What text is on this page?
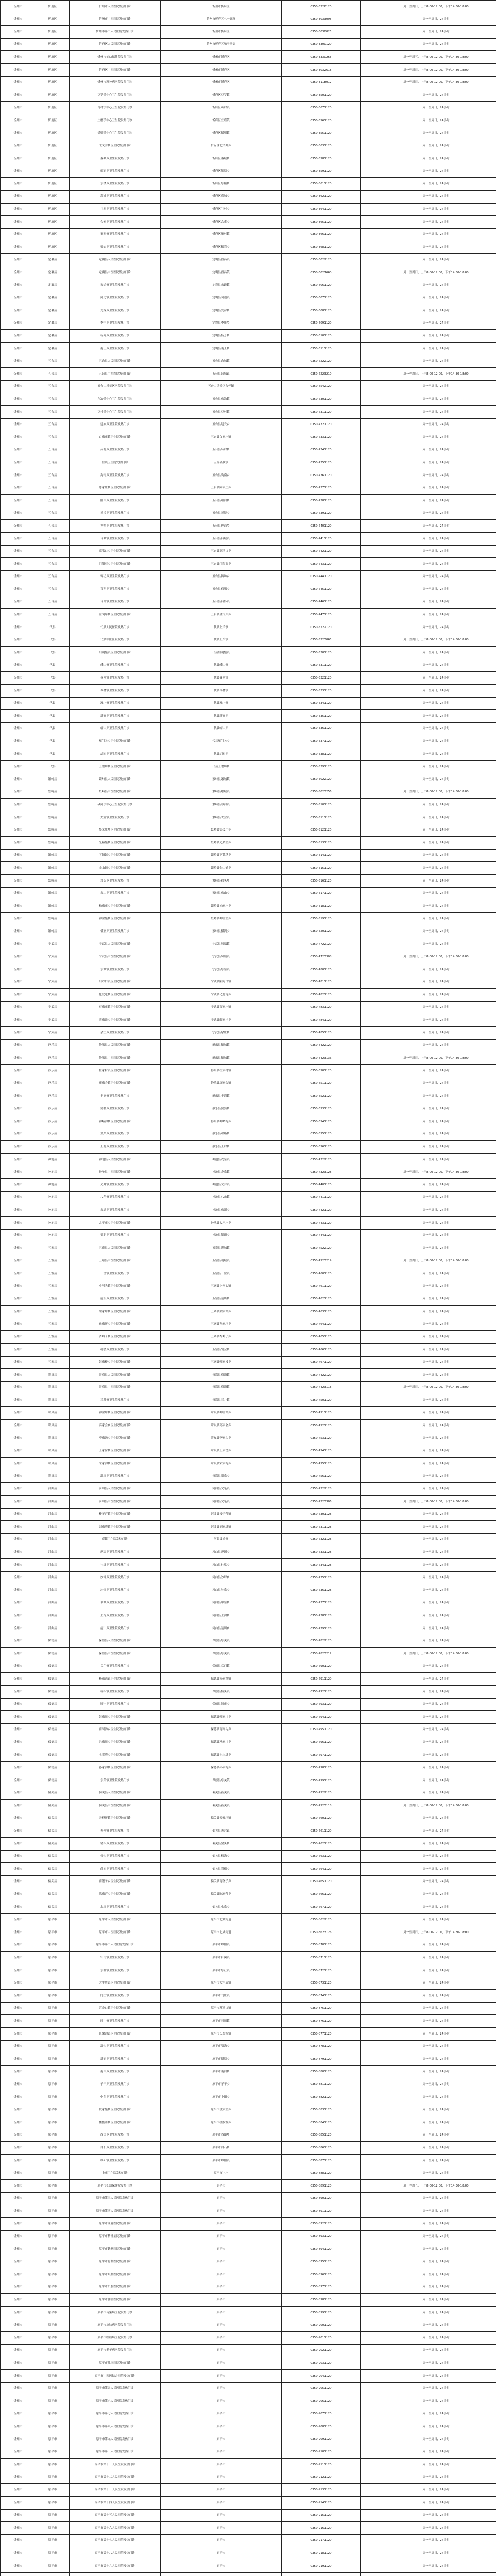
忻州市	忻府区	忻州市人民医院发热门诊	忻州市忻府区	0350-3226120	周一至周日，上午8:00-12:00，下午14:30-18:00
忻州市	忻府区	忻州市中医医院发热门诊	忻州市忻府区七一北路	0350-3033095	周一至周日，24小时
忻州市	忻府区	忻州市第二人民医院发热门诊	忻州市忻府区	0350-3038025	周一至周日，24小时
忻州市	忻府区	忻府区人民医院发热门诊	忻州市忻府区和平西街	0350-3300120	周一至周日，24小时
忻州市	忻府区	忻州市妇幼保健院发热门诊	忻州市忻府区	0350-3330265	周一至周五，上午8:00-12:00，下午14:30-18:00
忻州市	忻府区	忻府区中医医院发热门诊	忻州市忻府区	0350-3032618	周一至周日，上午8:00-12:00，下午14:30-18:00
忻州市	忻府区	忻州市精神病医院发热门诊	忻州市忻府区	0350-3118012	周一至周日，上午8:00-12:00，下午14:30-18:00
忻州市	忻府区	豆罗镇中心卫生院发热门诊	忻府区豆罗镇	0350-3501120	周一至周日，24小时
忻州市	忻府区	奇村镇中心卫生院发热门诊	忻府区奇村镇	0350-3671120	周一至周日，24小时
忻州市	忻府区	庄磨镇中心卫生院发热门诊	忻府区庄磨镇	0350-3561120	周一至周日，24小时
忻州市	忻府区	播明镇中心卫生院发热门诊	忻府区播明镇	0350-3551120	周一至周日，24小时
忻州市	忻府区	北义井乡卫生院发热门诊	忻府区北义井乡	0350-3631120	周一至周日，24小时
忻州市	忻府区	秦城乡卫生院发热门诊	忻府区秦城乡	0350-3581120	周一至周日，24小时
忻州市	忻府区	解原乡卫生院发热门诊	忻府区解原乡	0350-3591120	周一至周日，24小时
忻州市	忻府区	东楼乡卫生院发热门诊	忻府区东楼乡	0350-3611120	周一至周日，24小时
忻州市	忻府区	高城乡卫生院发热门诊	忻府区高城乡	0350-3621120	周一至周日，24小时
忻州市	忻府区	兰村乡卫生院发热门诊	忻府区兰村乡	0350-3641120	周一至周日，24小时
忻州市	忻府区	合索乡卫生院发热门诊	忻府区合索乡	0350-3651120	周一至周日，24小时
忻州市	忻府区	董村镇卫生院发热门诊	忻府区董村镇	0350-3661120	周一至周日，24小时
忻州市	忻府区	紫岩乡卫生院发热门诊	忻府区紫岩乡	0350-3681120	周一至周日，24小时
忻州市	定襄县	定襄县人民医院发热门诊	定襄县晋昌镇	0350-6022120	周一至周日，24小时
忻州市	定襄县	定襄县中医医院发热门诊	定襄县晋昌镇	0350-6027660	周一至周日，上午8:00-12:00，下午14:30-18:00
忻州市	定襄县	宏道镇卫生院发热门诊	定襄县宏道镇	0350-6061120	周一至周日，24小时
忻州市	定襄县	河边镇卫生院发热门诊	定襄县河边镇	0350-6071120	周一至周日，24小时
忻州市	定襄县	受禄乡卫生院发热门诊	定襄县受禄乡	0350-6081120	周一至周日，24小时
忻州市	定襄县	季庄乡卫生院发热门诊	定襄县季庄乡	0350-6091120	周一至周日，24小时
忻州市	定襄县	杨芳乡卫生院发热门诊	定襄县杨芳乡	0350-6101120	周一至周日，24小时
忻州市	定襄县	南王乡卫生院发热门诊	定襄县南王乡	0350-6111120	周一至周日，24小时
忻州市	五台县	五台县人民医院发热门诊	五台县台城镇	0350-7222120	周一至周日，24小时
忻州市	五台县	五台县中医医院发热门诊	五台县台城镇	0350-7223210	周一至周日，上午8:00-12:00，下午14:30-18:00
忻州市	五台县	五台山风景区医院发热门诊	五台山风景区台怀镇	0350-6542120	周一至周日，24小时
忻州市	五台县	东冶镇中心卫生院发热门诊	五台县东冶镇	0350-7301120	周一至周日，24小时
忻州市	五台县	豆村镇中心卫生院发热门诊	五台县豆村镇	0350-7311120	周一至周日，24小时
忻州市	五台县	建安乡卫生院发热门诊	五台县建安乡	0350-7321120	周一至周日，24小时
忻州市	五台县	白家庄镇卫生院发热门诊	五台县白家庄镇	0350-7331120	周一至周日，24小时
忻州市	五台县	茹村乡卫生院发热门诊	五台县茹村乡	0350-7341120	周一至周日，24小时
忻州市	五台县	耿镇卫生院发热门诊	五台县耿镇	0350-7351120	周一至周日，24小时
忻州市	五台县	沟南乡卫生院发热门诊	五台县沟南乡	0350-7361120	周一至周日，24小时
忻州市	五台县	陈家庄乡卫生院发热门诊	五台县陈家庄乡	0350-7371120	周一至周日，24小时
忻州市	五台县	阳白乡卫生院发热门诊	五台县阳白乡	0350-7381120	周一至周日，24小时
忻州市	五台县	灵境乡卫生院发热门诊	五台县灵境乡	0350-7391120	周一至周日，24小时
忻州市	五台县	神西乡卫生院发热门诊	五台县神西乡	0350-7401120	周一至周日，24小时
忻州市	五台县	台城镇卫生院发热门诊	五台县台城镇	0350-7411120	周一至周日，24小时
忻州市	五台县	高洪口乡卫生院发热门诊	五台县高洪口乡	0350-7421120	周一至周日，24小时
忻州市	五台县	门限石乡卫生院发热门诊	五台县门限石乡	0350-7431120	周一至周日，24小时
忻州市	五台县	蒋坊乡卫生院发热门诊	五台县蒋坊乡	0350-7441120	周一至周日，24小时
忻州市	五台县	石咀乡卫生院发热门诊	五台县石咀乡	0350-7451120	周一至周日，24小时
忻州市	五台县	台怀镇卫生院发热门诊	五台县台怀镇	0350-7461120	周一至周日，24小时
忻州市	五台县	金岗库乡卫生院发热门诊	五台县金岗库乡	0350-7471120	周一至周日，24小时
忻州市	代县	代县人民医院发热门诊	代县上馆镇	0350-5222120	周一至周日，24小时
忻州市	代县	代县中医医院发热门诊	代县上馆镇	0350-5223065	周一至周日，上午8:00-12:00，下午14:30-18:00
忻州市	代县	阳明堡镇卫生院发热门诊	代县阳明堡镇	0350-5301120	周一至周日，24小时
忻州市	代县	峨口镇卫生院发热门诊	代县峨口镇	0350-5311120	周一至周日，24小时
忻州市	代县	聂营镇卫生院发热门诊	代县聂营镇	0350-5321120	周一至周日，24小时
忻州市	代县	枣林镇卫生院发热门诊	代县枣林镇	0350-5331120	周一至周日，24小时
忻州市	代县	滩上镇卫生院发热门诊	代县滩上镇	0350-5341120	周一至周日，24小时
忻州市	代县	新高乡卫生院发热门诊	代县新高乡	0350-5351120	周一至周日，24小时
忻州市	代县	峪口乡卫生院发热门诊	代县峪口乡	0350-5361120	周一至周日，24小时
忻州市	代县	雁门关乡卫生院发热门诊	代县雁门关乡	0350-5371120	周一至周日，24小时
忻州市	代县	胡峪乡卫生院发热门诊	代县胡峪乡	0350-5381120	周一至周日，24小时
忻州市	代县	上磨坊乡卫生院发热门诊	代县上磨坊乡	0350-5391120	周一至周日，24小时
忻州市	繁峙县	繁峙县人民医院发热门诊	繁峙县繁城镇	0350-5022120	周一至周日，24小时
忻州市	繁峙县	繁峙县中医医院发热门诊	繁峙县繁城镇	0350-5023256	周一至周日，上午8:00-12:00，下午14:30-18:00
忻州市	繁峙县	砂河镇中心卫生院发热门诊	繁峙县砂河镇	0350-5101120	周一至周日，24小时
忻州市	繁峙县	大营镇卫生院发热门诊	繁峙县大营镇	0350-5111120	周一至周日，24小时
忻州市	繁峙县	集义庄乡卫生院发热门诊	繁峙县集义庄乡	0350-5121120	周一至周日，24小时
忻州市	繁峙县	光裕堡乡卫生院发热门诊	繁峙县光裕堡乡	0350-5131120	周一至周日，24小时
忻州市	繁峙县	下茹越乡卫生院发热门诊	繁峙县下茹越乡	0350-5141120	周一至周日，24小时
忻州市	繁峙县	金山铺乡卫生院发热门诊	繁峙县金山铺乡	0350-5151120	周一至周日，24小时
忻州市	繁峙县	岩头乡卫生院发热门诊	繁峙县岩头乡	0350-5161120	周一至周日，24小时
忻州市	繁峙县	东山乡卫生院发热门诊	繁峙县东山乡	0350-5171120	周一至周日，24小时
忻州市	繁峙县	柏家庄乡卫生院发热门诊	繁峙县柏家庄乡	0350-5181120	周一至周日，24小时
忻州市	繁峙县	神堂堡乡卫生院发热门诊	繁峙县神堂堡乡	0350-5191120	周一至周日，24小时
忻州市	繁峙县	横涧乡卫生院发热门诊	繁峙县横涧乡	0350-5201120	周一至周日，24小时
忻州市	宁武县	宁武县人民医院发热门诊	宁武县凤凰镇	0350-4722120	周一至周日，24小时
忻州市	宁武县	宁武县中医医院发热门诊	宁武县凤凰镇	0350-4723308	周一至周日，上午8:00-12:00，下午14:30-18:00
忻州市	宁武县	东寨镇卫生院发热门诊	宁武县东寨镇	0350-4801120	周一至周日，24小时
忻州市	宁武县	阳方口镇卫生院发热门诊	宁武县阳方口镇	0350-4811120	周一至周日，24小时
忻州市	宁武县	化北屯乡卫生院发热门诊	宁武县化北屯乡	0350-4821120	周一至周日，24小时
忻州市	宁武县	石家庄镇卫生院发热门诊	宁武县石家庄镇	0350-4831120	周一至周日，24小时
忻州市	宁武县	薛家洼乡卫生院发热门诊	宁武县薛家洼乡	0350-4841120	周一至周日，24小时
忻州市	宁武县	余庄乡卫生院发热门诊	宁武县余庄乡	0350-4851120	周一至周日，24小时
忻州市	静乐县	静乐县人民医院发热门诊	静乐县鹅城镇	0350-6422120	周一至周日，24小时
忻州市	静乐县	静乐县中医医院发热门诊	静乐县鹅城镇	0350-6423136	周一至周日，上午8:00-12:00，下午14:30-18:00
忻州市	静乐县	杜家村镇卫生院发热门诊	静乐县杜家村镇	0350-6501120	周一至周日，24小时
忻州市	静乐县	康家会镇卫生院发热门诊	静乐县康家会镇	0350-6511120	周一至周日，24小时
忻州市	静乐县	丰润镇卫生院发热门诊	静乐县丰润镇	0350-6521120	周一至周日，24小时
忻州市	静乐县	娑婆乡卫生院发热门诊	静乐县娑婆乡	0350-6531120	周一至周日，24小时
忻州市	静乐县	神峪沟乡卫生院发热门诊	静乐县神峪沟乡	0350-6541120	周一至周日，24小时
忻州市	静乐县	双路乡卫生院发热门诊	静乐县双路乡	0350-6551120	周一至周日，24小时
忻州市	静乐县	王村乡卫生院发热门诊	静乐县王村乡	0350-6561120	周一至周日，24小时
忻州市	神池县	神池县人民医院发热门诊	神池县龙泉镇	0350-4322120	周一至周日，24小时
忻州市	神池县	神池县中医医院发热门诊	神池县龙泉镇	0350-4323128	周一至周日，上午8:00-12:00，下午14:30-18:00
忻州市	神池县	义井镇卫生院发热门诊	神池县义井镇	0350-4401120	周一至周日，24小时
忻州市	神池县	八角镇卫生院发热门诊	神池县八角镇	0350-4411120	周一至周日，24小时
忻州市	神池县	东湖乡卫生院发热门诊	神池县东湖乡	0350-4421120	周一至周日，24小时
忻州市	神池县	太平庄乡卫生院发热门诊	神池县太平庄乡	0350-4431120	周一至周日，24小时
忻州市	神池县	贺职乡卫生院发热门诊	神池县贺职乡	0350-4441120	周一至周日，24小时
忻州市	五寨县	五寨县人民医院发热门诊	五寨县砚城镇	0350-4522120	周一至周日，24小时
忻州市	五寨县	五寨县中医医院发热门诊	五寨县砚城镇	0350-4523219	周一至周日，上午8:00-12:00，下午14:30-18:00
忻州市	五寨县	三岔镇卫生院发热门诊	五寨县三岔镇	0350-4601120	周一至周日，24小时
忻州市	五寨县	小河头镇卫生院发热门诊	五寨县小河头镇	0350-4611120	周一至周日，24小时
忻州市	五寨县	前所乡卫生院发热门诊	五寨县前所乡	0350-4621120	周一至周日，24小时
忻州市	五寨县	梁家坪乡卫生院发热门诊	五寨县梁家坪乡	0350-4631120	周一至周日，24小时
忻州市	五寨县	孙家坪乡卫生院发热门诊	五寨县孙家坪乡	0350-4641120	周一至周日，24小时
忻州市	五寨县	杏岭子乡卫生院发热门诊	五寨县杏岭子乡	0350-4651120	周一至周日，24小时
忻州市	五寨县	胡会乡卫生院发热门诊	五寨县胡会乡	0350-4661120	周一至周日，24小时
忻州市	五寨县	韩家楼乡卫生院发热门诊	五寨县韩家楼乡	0350-4671120	周一至周日，24小时
忻州市	岢岚县	岢岚县人民医院发热门诊	岢岚县岚漪镇	0350-4422120	周一至周日，24小时
忻州市	岢岚县	岢岚县中医医院发热门诊	岢岚县岚漪镇	0350-4423118	周一至周日，上午8:00-12:00，下午14:30-18:00
忻州市	岢岚县	三井镇卫生院发热门诊	岢岚县三井镇	0350-4501120	周一至周日，24小时
忻州市	岢岚县	神堂坪乡卫生院发热门诊	岢岚县神堂坪乡	0350-4511120	周一至周日，24小时
忻州市	岢岚县	高家会乡卫生院发热门诊	岢岚县高家会乡	0350-4521120	周一至周日，24小时
忻州市	岢岚县	李家沟乡卫生院发热门诊	岢岚县李家沟乡	0350-4531120	周一至周日，24小时
忻州市	岢岚县	王家岔乡卫生院发热门诊	岢岚县王家岔乡	0350-4541120	周一至周日，24小时
忻州市	岢岚县	宋家沟乡卫生院发热门诊	岢岚县宋家沟乡	0350-4551120	周一至周日，24小时
忻州市	岢岚县	温泉乡卫生院发热门诊	岢岚县温泉乡	0350-4561120	周一至周日，24小时
忻州市	河曲县	河曲县人民医院发热门诊	河曲县文笔镇	0350-7222128	周一至周日，24小时
忻州市	河曲县	河曲县中医医院发热门诊	河曲县文笔镇	0350-7223306	周一至周日，上午8:00-12:00，下午14:30-18:00
忻州市	河曲县	楼子营镇卫生院发热门诊	河曲县楼子营镇	0350-7301128	周一至周日，24小时
忻州市	河曲县	刘家塔镇卫生院发热门诊	河曲县刘家塔镇	0350-7311128	周一至周日，24小时
忻州市	河曲县	巡镇卫生院发热门诊	河曲县巡镇	0350-7321128	周一至周日，24小时
忻州市	河曲县	鹿固乡卫生院发热门诊	河曲县鹿固乡	0350-7331128	周一至周日，24小时
忻州市	河曲县	社梁乡卫生院发热门诊	河曲县社梁乡	0350-7341128	周一至周日，24小时
忻州市	河曲县	沙坪乡卫生院发热门诊	河曲县沙坪乡	0350-7351128	周一至周日，24小时
忻州市	河曲县	沙泉乡卫生院发热门诊	河曲县沙泉乡	0350-7361128	周一至周日，24小时
忻州市	河曲县	单寨乡卫生院发热门诊	河曲县单寨乡	0350-7371128	周一至周日，24小时
忻州市	河曲县	土沟乡卫生院发热门诊	河曲县土沟乡	0350-7381128	周一至周日，24小时
忻州市	河曲县	前川乡卫生院发热门诊	河曲县前川乡	0350-7391128	周一至周日，24小时
忻州市	保德县	保德县人民医院发热门诊	保德县东关镇	0350-7822120	周一至周日，24小时
忻州市	保德县	保德县中医医院发热门诊	保德县东关镇	0350-7823212	周一至周日，上午8:00-12:00，下午14:30-18:00
忻州市	保德县	义门镇卫生院发热门诊	保德县义门镇	0350-7901120	周一至周日，24小时
忻州市	保德县	杨家湾镇卫生院发热门诊	保德县杨家湾镇	0350-7911120	周一至周日，24小时
忻州市	保德县	桥头镇卫生院发热门诊	保德县桥头镇	0350-7921120	周一至周日，24小时
忻州市	保德县	腰庄乡卫生院发热门诊	保德县腰庄乡	0350-7931120	周一至周日，24小时
忻州市	保德县	韩家川乡卫生院发热门诊	保德县韩家川乡	0350-7941120	周一至周日，24小时
忻州市	保德县	南河沟乡卫生院发热门诊	保德县南河沟乡	0350-7951120	周一至周日，24小时
忻州市	保德县	冯家川乡卫生院发热门诊	保德县冯家川乡	0350-7961120	周一至周日，24小时
忻州市	保德县	土崖塔乡卫生院发热门诊	保德县土崖塔乡	0350-7971120	周一至周日，24小时
忻州市	保德县	孙家沟乡卫生院发热门诊	保德县孙家沟乡	0350-7981120	周一至周日，24小时
忻州市	保德县	东关镇卫生院发热门诊	保德县东关镇	0350-7991120	周一至周日，24小时
忻州市	偏关县	偏关县人民医院发热门诊	偏关县新关镇	0350-7522120	周一至周日，24小时
忻州市	偏关县	偏关县中医医院发热门诊	偏关县新关镇	0350-7523118	周一至周日，上午8:00-12:00，下午14:30-18:00
忻州市	偏关县	天峰坪镇卫生院发热门诊	偏关县天峰坪镇	0350-7601120	周一至周日，24小时
忻州市	偏关县	老营镇卫生院发热门诊	偏关县老营镇	0350-7611120	周一至周日，24小时
忻州市	偏关县	窑头乡卫生院发热门诊	偏关县窑头乡	0350-7621120	周一至周日，24小时
忻州市	偏关县	楼沟乡卫生院发热门诊	偏关县楼沟乡	0350-7631120	周一至周日，24小时
忻州市	偏关县	尚峪乡卫生院发热门诊	偏关县尚峪乡	0350-7641120	周一至周日，24小时
忻州市	偏关县	南堡子乡卫生院发热门诊	偏关县南堡子乡	0350-7651120	周一至周日，24小时
忻州市	偏关县	陈家营乡卫生院发热门诊	偏关县陈家营乡	0350-7661120	周一至周日，24小时
忻州市	偏关县	水泉乡卫生院发热门诊	偏关县水泉乡	0350-7671120	周一至周日，24小时
忻州市	原平市	原平市人民医院发热门诊	原平市北城街道	0350-8622120	周一至周日，24小时
忻州市	原平市	原平市中医医院发热门诊	原平市北城街道	0350-8623126	周一至周日，上午8:00-12:00，下午14:30-18:00
忻州市	原平市	原平市第二人民医院发热门诊	原平市崞阳镇	0350-8701120	周一至周日，24小时
忻州市	原平市	轩岗镇卫生院发热门诊	原平市轩岗镇	0350-8711120	周一至周日，24小时
忻州市	原平市	东社镇卫生院发热门诊	原平市东社镇	0350-8721120	周一至周日，24小时
忻州市	原平市	大牛店镇卫生院发热门诊	原平市大牛店镇	0350-8731120	周一至周日，24小时
忻州市	原平市	闫庄镇卫生院发热门诊	原平市闫庄镇	0350-8741120	周一至周日，24小时
忻州市	原平市	苏龙口镇卫生院发热门诊	原平市苏龙口镇	0350-8751120	周一至周日，24小时
忻州市	原平市	同川镇卫生院发热门诊	原平市同川镇	0350-8761120	周一至周日，24小时
忻州市	原平市	长梁沟镇卫生院发热门诊	原平市长梁沟镇	0350-8771120	周一至周日，24小时
忻州市	原平市	沿沟乡卫生院发热门诊	原平市沿沟乡	0350-8781120	周一至周日，24小时
忻州市	原平市	新原乡卫生院发热门诊	原平市新原乡	0350-8791120	周一至周日，24小时
忻州市	原平市	南白乡卫生院发热门诊	原平市南白乡	0350-8801120	周一至周日，24小时
忻州市	原平市	子干乡卫生院发热门诊	原平市子干乡	0350-8811120	周一至周日，24小时
忻州市	原平市	中阳乡卫生院发热门诊	原平市中阳乡	0350-8821120	周一至周日，24小时
忻州市	原平市	段家堡乡卫生院发热门诊	原平市段家堡乡	0350-8831120	周一至周日，24小时
忻州市	原平市	楼板寨乡卫生院发热门诊	原平市楼板寨乡	0350-8841120	周一至周日，24小时
忻州市	原平市	西镇乡卫生院发热门诊	原平市西镇乡	0350-8851120	周一至周日，24小时
忻州市	原平市	白石乡卫生院发热门诊	原平市白石乡	0350-8861120	周一至周日，24小时
忻州市	原平市	崞阳镇卫生院发热门诊	原平市崞阳镇	0350-8871120	周一至周日，24小时
忻州市	原平市	上庄卫生院发热门诊	原平市上庄	0350-8881120	周一至周日，24小时
忻州市	原平市	原平市妇幼保健院发热门诊	原平市	0350-8891120	周一至周五，上午8:00-12:00，下午14:30-18:00
忻州市	原平市	原平市第三人民医院发热门诊	原平市	0350-8901120	周一至周日，24小时
忻州市	原平市	原平市第四人民医院发热门诊	原平市	0350-8911120	周一至周日，24小时
忻州市	原平市	原平市康复医院发热门诊	原平市	0350-8921120	周一至周日，24小时
忻州市	原平市	原平市精神病院发热门诊	原平市	0350-8931120	周一至周日，24小时
忻州市	原平市	原平市铁路医院发热门诊	原平市	0350-8941120	周一至周日，24小时
忻州市	原平市	原平市骨科医院发热门诊	原平市	0350-8951120	周一至周日，24小时
忻州市	原平市	原平市眼科医院发热门诊	原平市	0350-8961120	周一至周日，24小时
忻州市	原平市	原平市口腔医院发热门诊	原平市	0350-8971120	周一至周日，24小时
忻州市	原平市	原平市肿瘤医院发热门诊	原平市	0350-8981120	周一至周日，24小时
忻州市	原平市	原平市传染病医院发热门诊	原平市	0350-8991120	周一至周日，24小时
忻州市	原平市	原平市皮肤病医院发热门诊	原平市	0350-9001120	周一至周日，24小时
忻州市	原平市	原平市结核病医院发热门诊	原平市	0350-9011120	周一至周日，24小时
忻州市	原平市	原平市老年病医院发热门诊	原平市	0350-9021120	周一至周日，24小时
忻州市	原平市	原平市儿童医院发热门诊	原平市	0350-9031120	周一至周日，24小时
忻州市	原平市	原平市中西医结合医院发热门诊	原平市	0350-9041120	周一至周日，24小时
忻州市	原平市	原平市第五人民医院发热门诊	原平市	0350-9051120	周一至周日，24小时
忻州市	原平市	原平市第六人民医院发热门诊	原平市	0350-9061120	周一至周日，24小时
忻州市	原平市	原平市第七人民医院发热门诊	原平市	0350-9071120	周一至周日，24小时
忻州市	原平市	原平市第八人民医院发热门诊	原平市	0350-9081120	周一至周日，24小时
忻州市	原平市	原平市第九人民医院发热门诊	原平市	0350-9091120	周一至周日，24小时
忻州市	原平市	原平市第十人民医院发热门诊	原平市	0350-9101120	周一至周日，24小时
忻州市	原平市	原平市第十一人民医院发热门诊	原平市	0350-9111120	周一至周日，24小时
忻州市	原平市	原平市第十二人民医院发热门诊	原平市	0350-9121120	周一至周日，24小时
忻州市	原平市	原平市第十三人民医院发热门诊	原平市	0350-9131120	周一至周日，24小时
忻州市	原平市	原平市第十四人民医院发热门诊	原平市	0350-9141120	周一至周日，24小时
忻州市	原平市	原平市第十五人民医院发热门诊	原平市	0350-9151120	周一至周日，24小时
忻州市	原平市	原平市第十六人民医院发热门诊	原平市	0350-9161120	周一至周日，24小时
忻州市	原平市	原平市第十七人民医院发热门诊	原平市	0350-9171120	周一至周日，24小时
忻州市	原平市	原平市第十八人民医院发热门诊	原平市	0350-9181120	周一至周日，24小时
忻州市	原平市	原平市第十九人民医院发热门诊	原平市	0350-9191120	周一至周日，24小时
